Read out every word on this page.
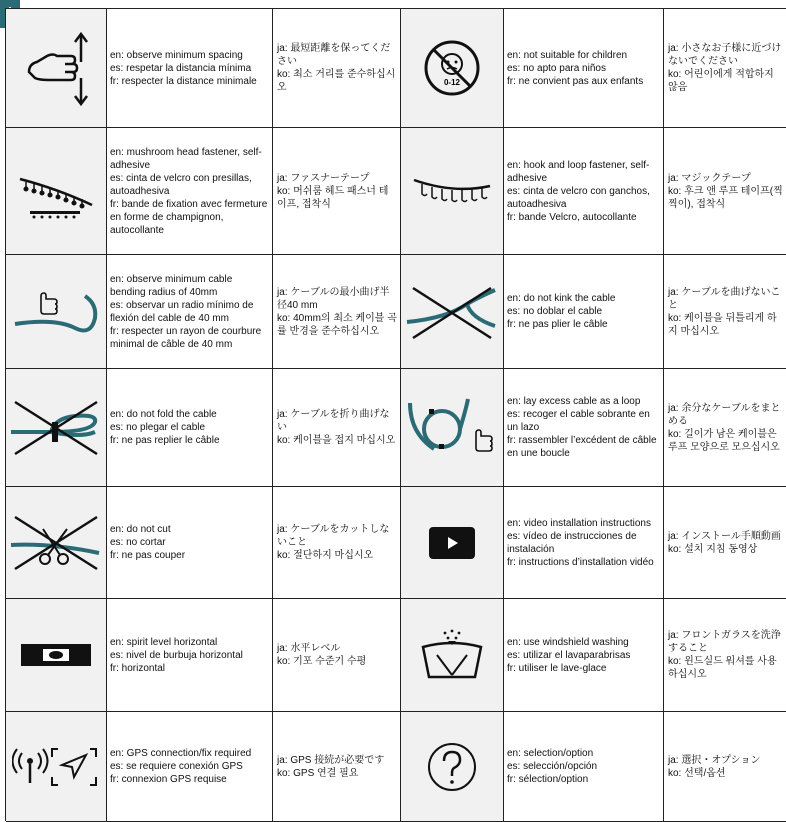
en: observe minimum spacing
es: respetar la distancia mínima
fr: respecter la distance minimale
ja: 最短距離を保ってください
ko: 최소 거리를 준수하십시오	0-12
en: not suitable for children
es: no apto para niños
fr: ne convient pas aux enfants
ja: 小さなお子様に近づけないでください
ko: 어린이에게 적합하지 않음
en: mushroom head fastener, self-adhesive
es: cinta de velcro con presillas, autoadhesiva
fr: bande de fixation avec fermeture en forme de champignon, autocollante
ja: ファスナーテープ
ko: 머쉬룸 헤드 패스너 테이프, 접착식
en: hook and loop fastener, self-adhesive
es: cinta de velcro con ganchos, autoadhesiva
fr: bande Velcro, autocollante
ja: マジックテープ
ko: 후크 앤 루프 테이프(찍찍이), 접착식
en: observe minimum cable bending radius of 40mm
es: observar un radio mínimo de flexión del cable de 40 mm
fr: respecter un rayon de courbure minimal de câble de 40 mm
ja: ケーブルの最小曲げ半径40 mm
ko: 40mm의 최소 케이블 곡률 반경을 준수하십시오
en: do not kink the cable
es: no doblar el cable
fr: ne pas plier le câble
ja: ケーブルを曲げないこと
ko: 케이블을 뒤틀리게 하지 마십시오
en: do not fold the cable
es: no plegar el cable
fr: ne pas replier le câble
ja: ケーブルを折り曲げない
ko: 케이블을 접지 마십시오
en: lay excess cable as a loop
es: recoger el cable sobrante en un lazo
fr: rassembler l’excédent de câble en une boucle
ja: 余分なケーブルをまとめる
ko: 길이가 남은 케이블은 루프 모양으로 모으십시오
en: do not cut
es: no cortar
fr: ne pas couper
ja: ケーブルをカットしないこと
ko: 절단하지 마십시오
en: video installation instructions
es: vídeo de instrucciones de instalación
fr: instructions d’installation vidéo
ja: インストール手順動画
ko: 설치 지침 동영상
en: spirit level horizontal
es: nivel de burbuja horizontal
fr: horizontal
ja: 水平レベル
ko: 기포 수준기 수평
en: use windshield washing
es: utilizar el lavaparabrisas
fr: utiliser le lave-glace
ja: フロントガラスを洗浄すること
ko: 윈드실드 워셔를 사용하십시오
en: GPS connection/fix required
es: se requiere conexión GPS
fr: connexion GPS requise
ja: GPS 接続が必要です
ko: GPS 연결 필요
en: selection/option
es: selección/opción
fr: sélection/option
ja: 選択・オプション
ko: 선택/옵션
